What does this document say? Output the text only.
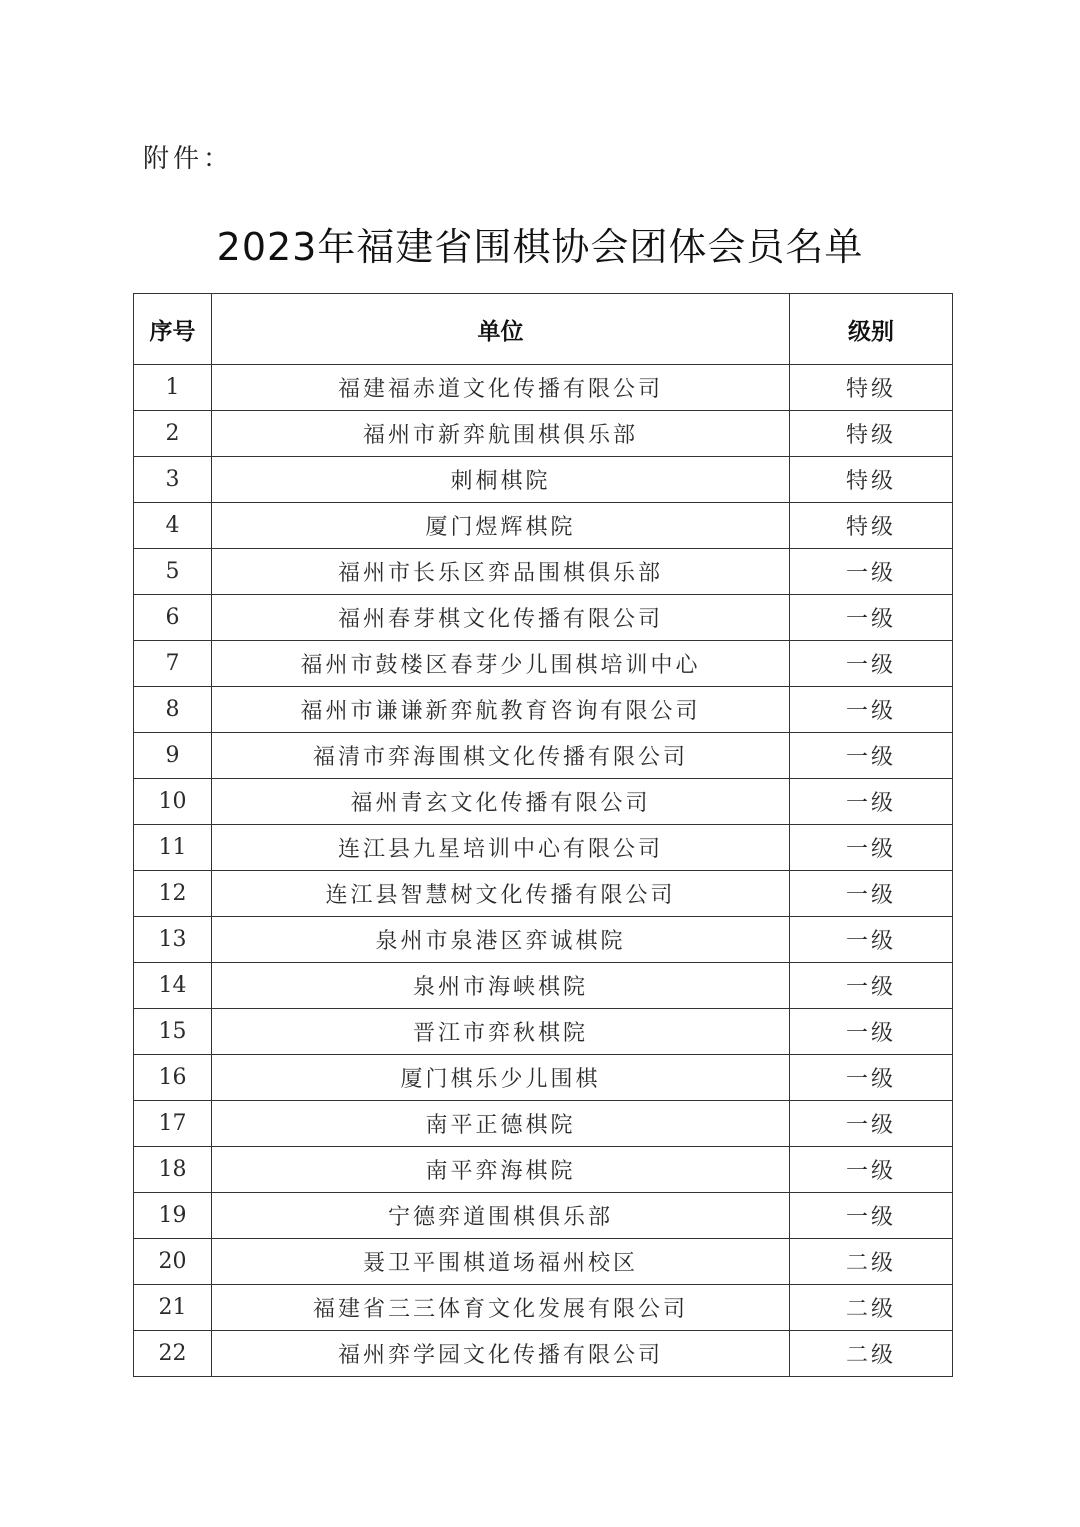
附件：
2023年福建省围棋协会团体会员名单
序号	单位	级别
1	福建福赤道文化传播有限公司	特级
2	福州市新弈航围棋俱乐部	特级
3	刺桐棋院	特级
4	厦门煜辉棋院	特级
5	福州市长乐区弈品围棋俱乐部	一级
6	福州春芽棋文化传播有限公司	一级
7	福州市鼓楼区春芽少儿围棋培训中心	一级
8	福州市谦谦新弈航教育咨询有限公司	一级
9	福清市弈海围棋文化传播有限公司	一级
10	福州青玄文化传播有限公司	一级
11	连江县九星培训中心有限公司	一级
12	连江县智慧树文化传播有限公司	一级
13	泉州市泉港区弈诚棋院	一级
14	泉州市海峡棋院	一级
15	晋江市弈秋棋院	一级
16	厦门棋乐少儿围棋	一级
17	南平正德棋院	一级
18	南平弈海棋院	一级
19	宁德弈道围棋俱乐部	一级
20	聂卫平围棋道场福州校区	二级
21	福建省三三体育文化发展有限公司	二级
22	福州弈学园文化传播有限公司	二级
